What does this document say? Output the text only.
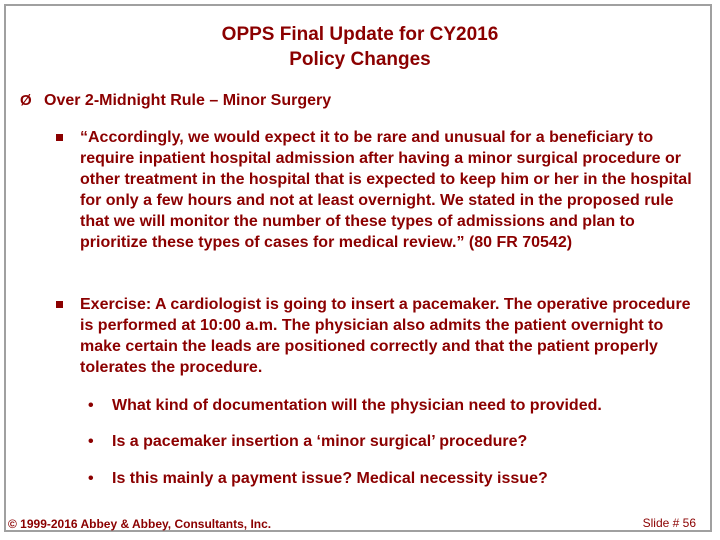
OPPS Final Update for CY2016
Policy Changes
Ø Over 2-Midnight Rule – Minor Surgery
“Accordingly, we would expect it to be rare and unusual for a beneficiary to require inpatient hospital admission after having a minor surgical procedure or other treatment in the hospital that is expected to keep him or her in the hospital for only a few hours and not at least overnight. We stated in the proposed rule that we will monitor the number of these types of admissions and plan to prioritize these types of cases for medical review.” (80 FR 70542)
Exercise: A cardiologist is going to insert a pacemaker. The operative procedure is performed at 10:00 a.m. The physician also admits the patient overnight to make certain the leads are positioned correctly and that the patient properly tolerates the procedure.
•	What kind of documentation will the physician need to provided.
•	Is a pacemaker insertion a ‘minor surgical’ procedure?
•	Is this mainly a payment issue? Medical necessity issue?
© 1999-2016 Abbey & Abbey, Consultants, Inc.	Slide # 56
